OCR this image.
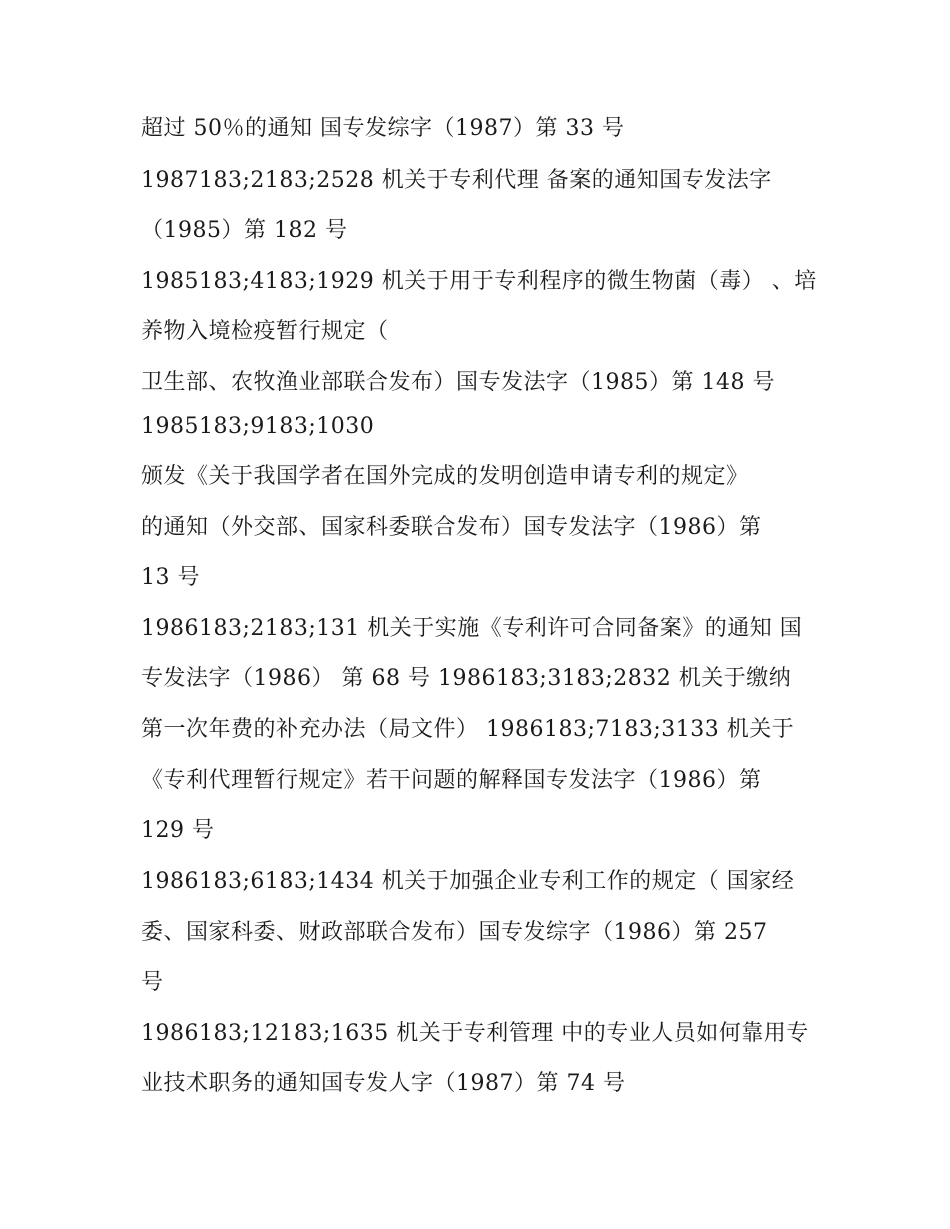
超过 50％的通知 国专发综字（1987）第 33 号
1987183;2183;2528 机关于专利代理 备案的通知国专发法字
（1985）第 182 号
1985183;4183;1929 机关于用于专利程序的微生物菌（毒） 、培
养物入境检疫暂行规定（
卫生部、农牧渔业部联合发布）国专发法字（1985）第 148 号
1985183;9183;1030
颁发《关于我国学者在国外完成的发明创造申请专利的规定》
的通知（外交部、国家科委联合发布）国专发法字（1986）第
13 号
1986183;2183;131 机关于实施《专利许可合同备案》的通知 国
专发法字（1986） 第 68 号 1986183;3183;2832 机关于缴纳
第一次年费的补充办法（局文件） 1986183;7183;3133 机关于
《专利代理暂行规定》若干问题的解释国专发法字（1986）第
129 号
1986183;6183;1434 机关于加强企业专利工作的规定（ 国家经
委、国家科委、财政部联合发布）国专发综字（1986）第 257
号
1986183;12183;1635 机关于专利管理 中的专业人员如何靠用专
业技术职务的通知国专发人字（1987）第 74 号
